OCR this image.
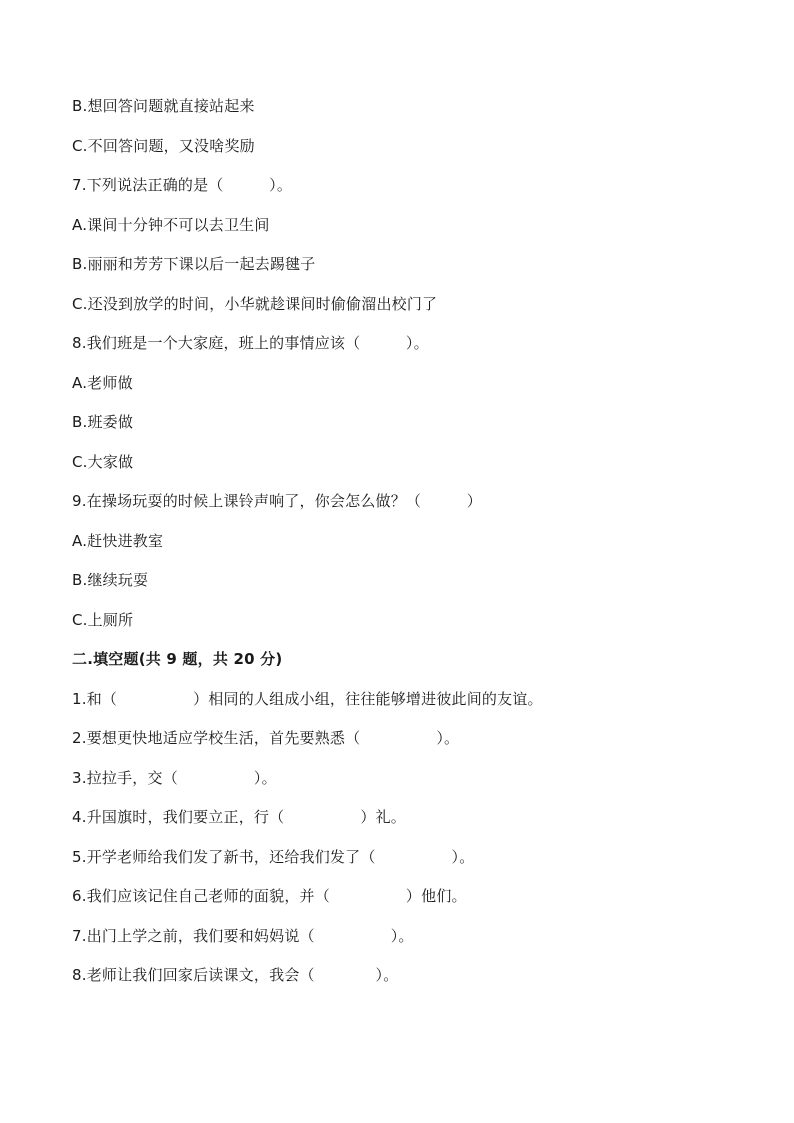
B.想回答问题就直接站起来
C.不回答问题，又没啥奖励
7.下列说法正确的是（　　　）。
A.课间十分钟不可以去卫生间
B.丽丽和芳芳下课以后一起去踢毽子
C.还没到放学的时间，小华就趁课间时偷偷溜出校门了
8.我们班是一个大家庭，班上的事情应该（　　　）。
A.老师做
B.班委做
C.大家做
9.在操场玩耍的时候上课铃声响了，你会怎么做？（　　　）
A.赶快进教室
B.继续玩耍
C.上厕所
二.填空题(共 9 题，共 20 分)
1.和（　　　　　）相同的人组成小组，往往能够增进彼此间的友谊。
2.要想更快地适应学校生活，首先要熟悉（　　　　　）。
3.拉拉手，交（　　　　　）。
4.升国旗时，我们要立正，行（　　　　　）礼。
5.开学老师给我们发了新书，还给我们发了（　　　　　）。
6.我们应该记住自己老师的面貌，并（　　　　　）他们。
7.出门上学之前，我们要和妈妈说（　　　　　）。
8.老师让我们回家后读课文，我会（　　　　）。
